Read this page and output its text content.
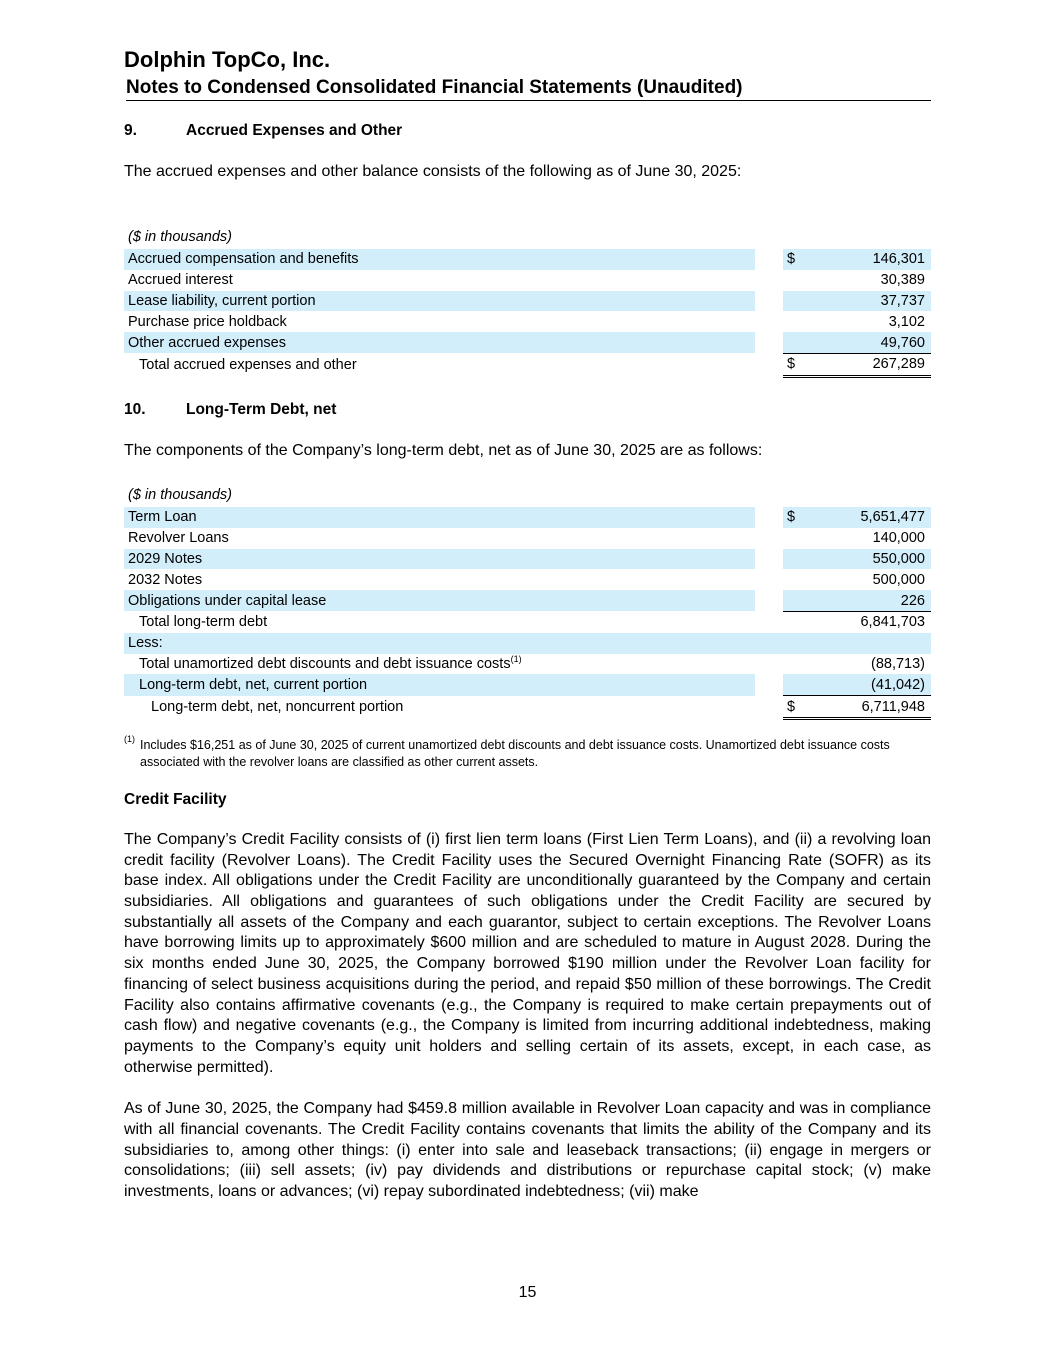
Dolphin TopCo, Inc.
Notes to Condensed Consolidated Financial Statements (Unaudited)
9.	Accrued Expenses and Other
The accrued expenses and other balance consists of the following as of June 30, 2025:
($ in thousands)
Accrued compensation and benefits		$	146,301
Accrued interest			30,389
Lease liability, current portion			37,737
Purchase price holdback			3,102
Other accrued expenses			49,760
Total accrued expenses and other		$	267,289
10.	Long-Term Debt, net
The components of the Company’s long-term debt, net as of June 30, 2025 are as follows:
($ in thousands)
Term Loan		$	5,651,477
Revolver Loans			140,000
2029 Notes			550,000
2032 Notes			500,000
Obligations under capital lease			226
Total long-term debt			6,841,703
Less:			
Total unamortized debt discounts and debt issuance costs$^{(1)}$			(88,713)
Long-term debt, net, current portion			(41,042)
Long-term debt, net, noncurrent portion		$	6,711,948
(1) Includes $16,251 as of June 30, 2025 of current unamortized debt discounts and debt issuance costs. Unamortized debt issuance costs associated with the revolver loans are classified as other current assets.
Credit Facility
The Company’s Credit Facility consists of (i) first lien term loans (First Lien Term Loans), and (ii) a revolving loan credit facility (Revolver Loans). The Credit Facility uses the Secured Overnight Financing Rate (SOFR) as its base index. All obligations under the Credit Facility are unconditionally guaranteed by the Company and certain subsidiaries. All obligations and guarantees of such obligations under the Credit Facility are secured by substantially all assets of the Company and each guarantor, subject to certain exceptions. The Revolver Loans have borrowing limits up to approximately $600 million and are scheduled to mature in August 2028. During the six months ended June 30, 2025, the Company borrowed $190 million under the Revolver Loan facility for financing of select business acquisitions during the period, and repaid $50 million of these borrowings. The Credit Facility also contains affirmative covenants (e.g., the Company is required to make certain prepayments out of cash flow) and negative covenants (e.g., the Company is limited from incurring additional indebtedness, making payments to the Company’s equity unit holders and selling certain of its assets, except, in each case, as otherwise permitted).
As of June 30, 2025, the Company had $459.8 million available in Revolver Loan capacity and was in compliance with all financial covenants. The Credit Facility contains covenants that limits the ability of the Company and its subsidiaries to, among other things: (i) enter into sale and leaseback transactions; (ii) engage in mergers or consolidations; (iii) sell assets; (iv) pay dividends and distributions or repurchase capital stock; (v) make investments, loans or advances; (vi) repay subordinated indebtedness; (vii) make
15
